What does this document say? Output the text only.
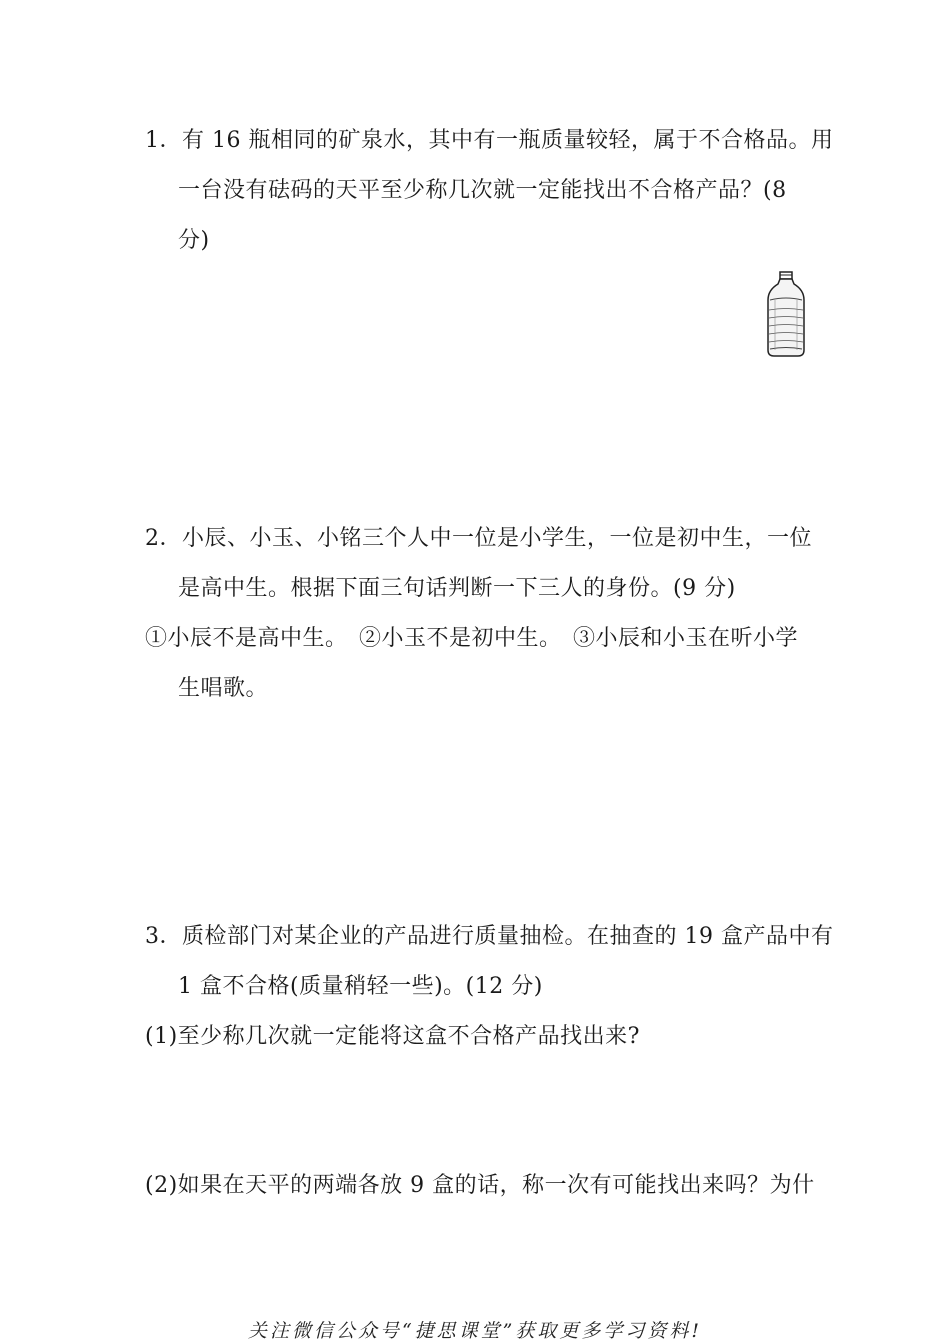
1．有 16 瓶相同的矿泉水，其中有一瓶质量较轻，属于不合格品。用
一台没有砝码的天平至少称几次就一定能找出不合格产品？(8
分)
2．小辰、小玉、小铭三个人中一位是小学生，一位是初中生，一位
是高中生。根据下面三句话判断一下三人的身份。(9 分)
①小辰不是高中生。　②小玉不是初中生。　③小辰和小玉在听小学
生唱歌。
3．质检部门对某企业的产品进行质量抽检。在抽查的 19 盒产品中有
1 盒不合格(质量稍轻一些)。(12 分)
(1)至少称几次就一定能将这盒不合格产品找出来?
(2)如果在天平的两端各放 9 盒的话，称一次有可能找出来吗？为什
关注微信公众号“捷思课堂”获取更多学习资料!
